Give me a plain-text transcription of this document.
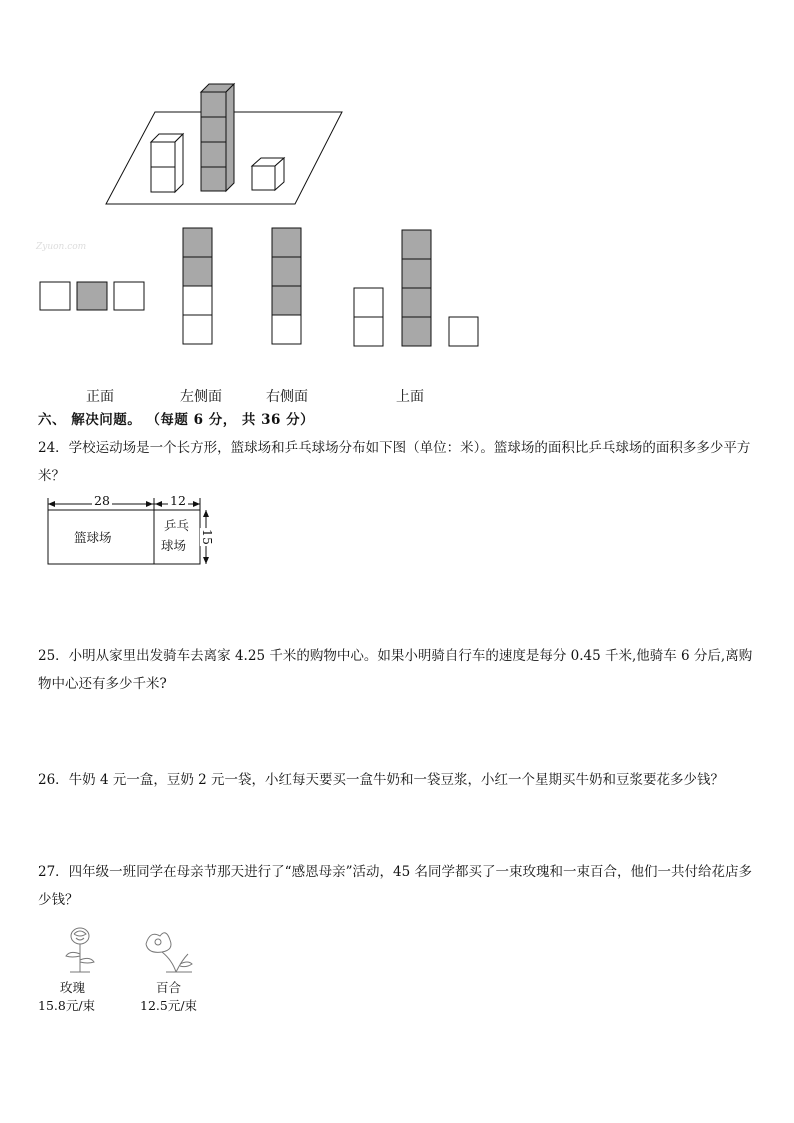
Zyuon.com
正面	左侧面	右侧面	上面
六、 解决问题。 （每题 6 分， 共 36 分）
24．学校运动场是一个长方形，篮球场和乒乓球场分布如下图（单位：米）。篮球场的面积比乒乓球场的面积多多少平方米？
28	12
篮球场
乒乓
球场
15
25．小明从家里出发骑车去离家 4.25 千米的购物中心。如果小明骑自行车的速度是每分 0.45 千米,他骑车 6 分后,离购物中心还有多少千米?
26．牛奶 4 元一盒，豆奶 2 元一袋，小红每天要买一盒牛奶和一袋豆浆，小红一个星期买牛奶和豆浆要花多少钱？
27．四年级一班同学在母亲节那天进行了“感恩母亲”活动，45 名同学都买了一束玫瑰和一束百合，他们一共付给花店多少钱？
玫瑰
15.8元/束
百合
12.5元/束
